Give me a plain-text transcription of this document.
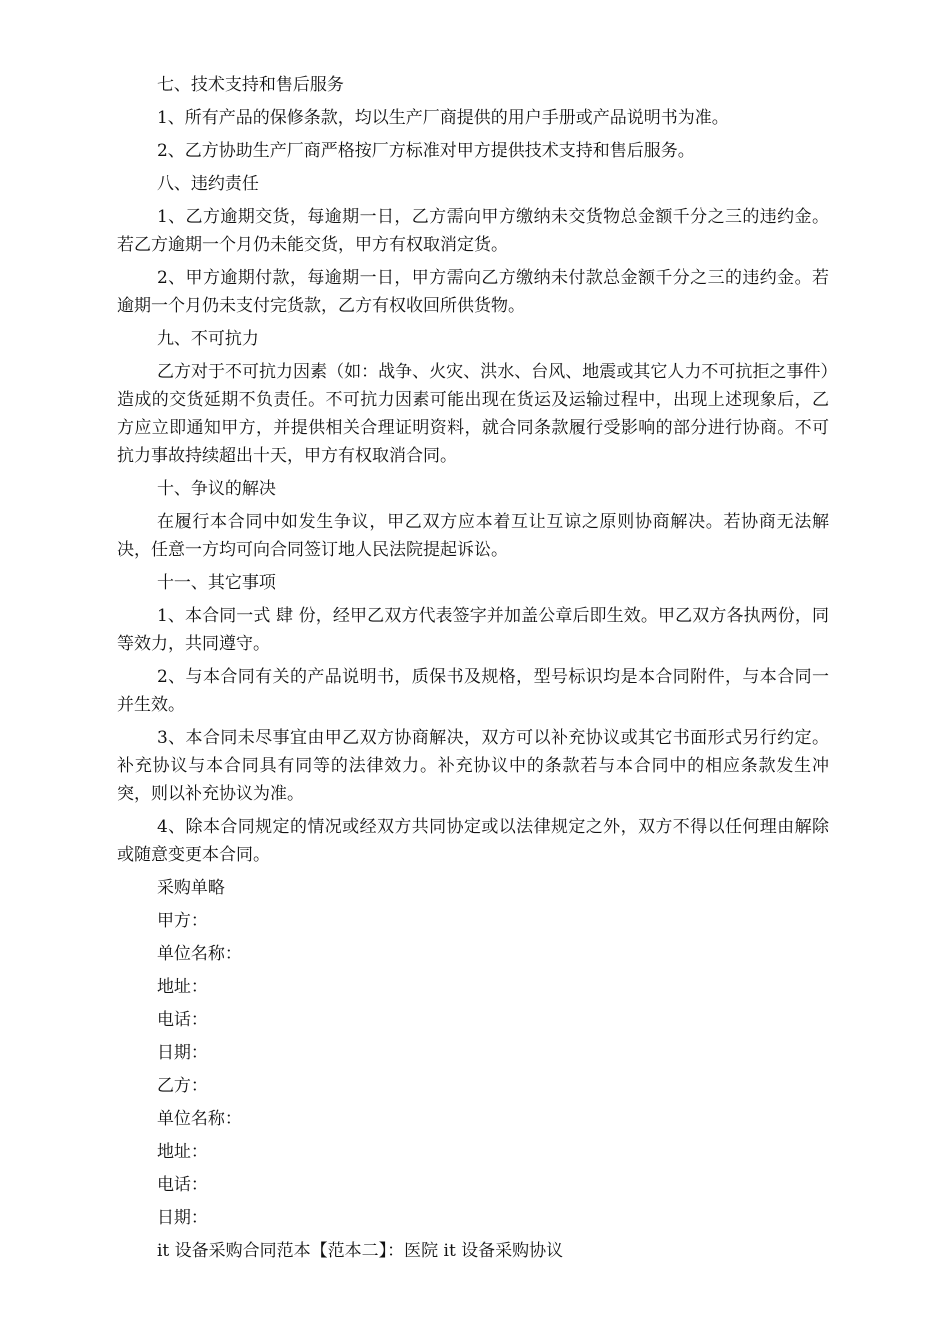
七、技术支持和售后服务
1、所有产品的保修条款，均以生产厂商提供的用户手册或产品说明书为准。
2、乙方协助生产厂商严格按厂方标准对甲方提供技术支持和售后服务。
八、违约责任
1、乙方逾期交货，每逾期一日，乙方需向甲方缴纳未交货物总金额千分之三的违约金。若乙方逾期一个月仍未能交货，甲方有权取消定货。
2、甲方逾期付款，每逾期一日，甲方需向乙方缴纳未付款总金额千分之三的违约金。若逾期一个月仍未支付完货款，乙方有权收回所供货物。
九、不可抗力
乙方对于不可抗力因素（如：战争、火灾、洪水、台风、地震或其它人力不可抗拒之事件）造成的交货延期不负责任。不可抗力因素可能出现在货运及运输过程中，出现上述现象后，乙方应立即通知甲方，并提供相关合理证明资料，就合同条款履行受影响的部分进行协商。不可抗力事故持续超出十天，甲方有权取消合同。
十、争议的解决
在履行本合同中如发生争议，甲乙双方应本着互让互谅之原则协商解决。若协商无法解决，任意一方均可向合同签订地人民法院提起诉讼。
十一、其它事项
1、本合同一式 肆 份，经甲乙双方代表签字并加盖公章后即生效。甲乙双方各执两份，同等效力，共同遵守。
2、与本合同有关的产品说明书，质保书及规格，型号标识均是本合同附件，与本合同一并生效。
3、本合同未尽事宜由甲乙双方协商解决，双方可以补充协议或其它书面形式另行约定。补充协议与本合同具有同等的法律效力。补充协议中的条款若与本合同中的相应条款发生冲突，则以补充协议为准。
4、除本合同规定的情况或经双方共同协定或以法律规定之外，双方不得以任何理由解除或随意变更本合同。
采购单略
甲方：
单位名称：
地址：
电话：
日期：
乙方：
单位名称：
地址：
电话：
日期：
it 设备采购合同范本【范本二】：医院 it 设备采购协议
